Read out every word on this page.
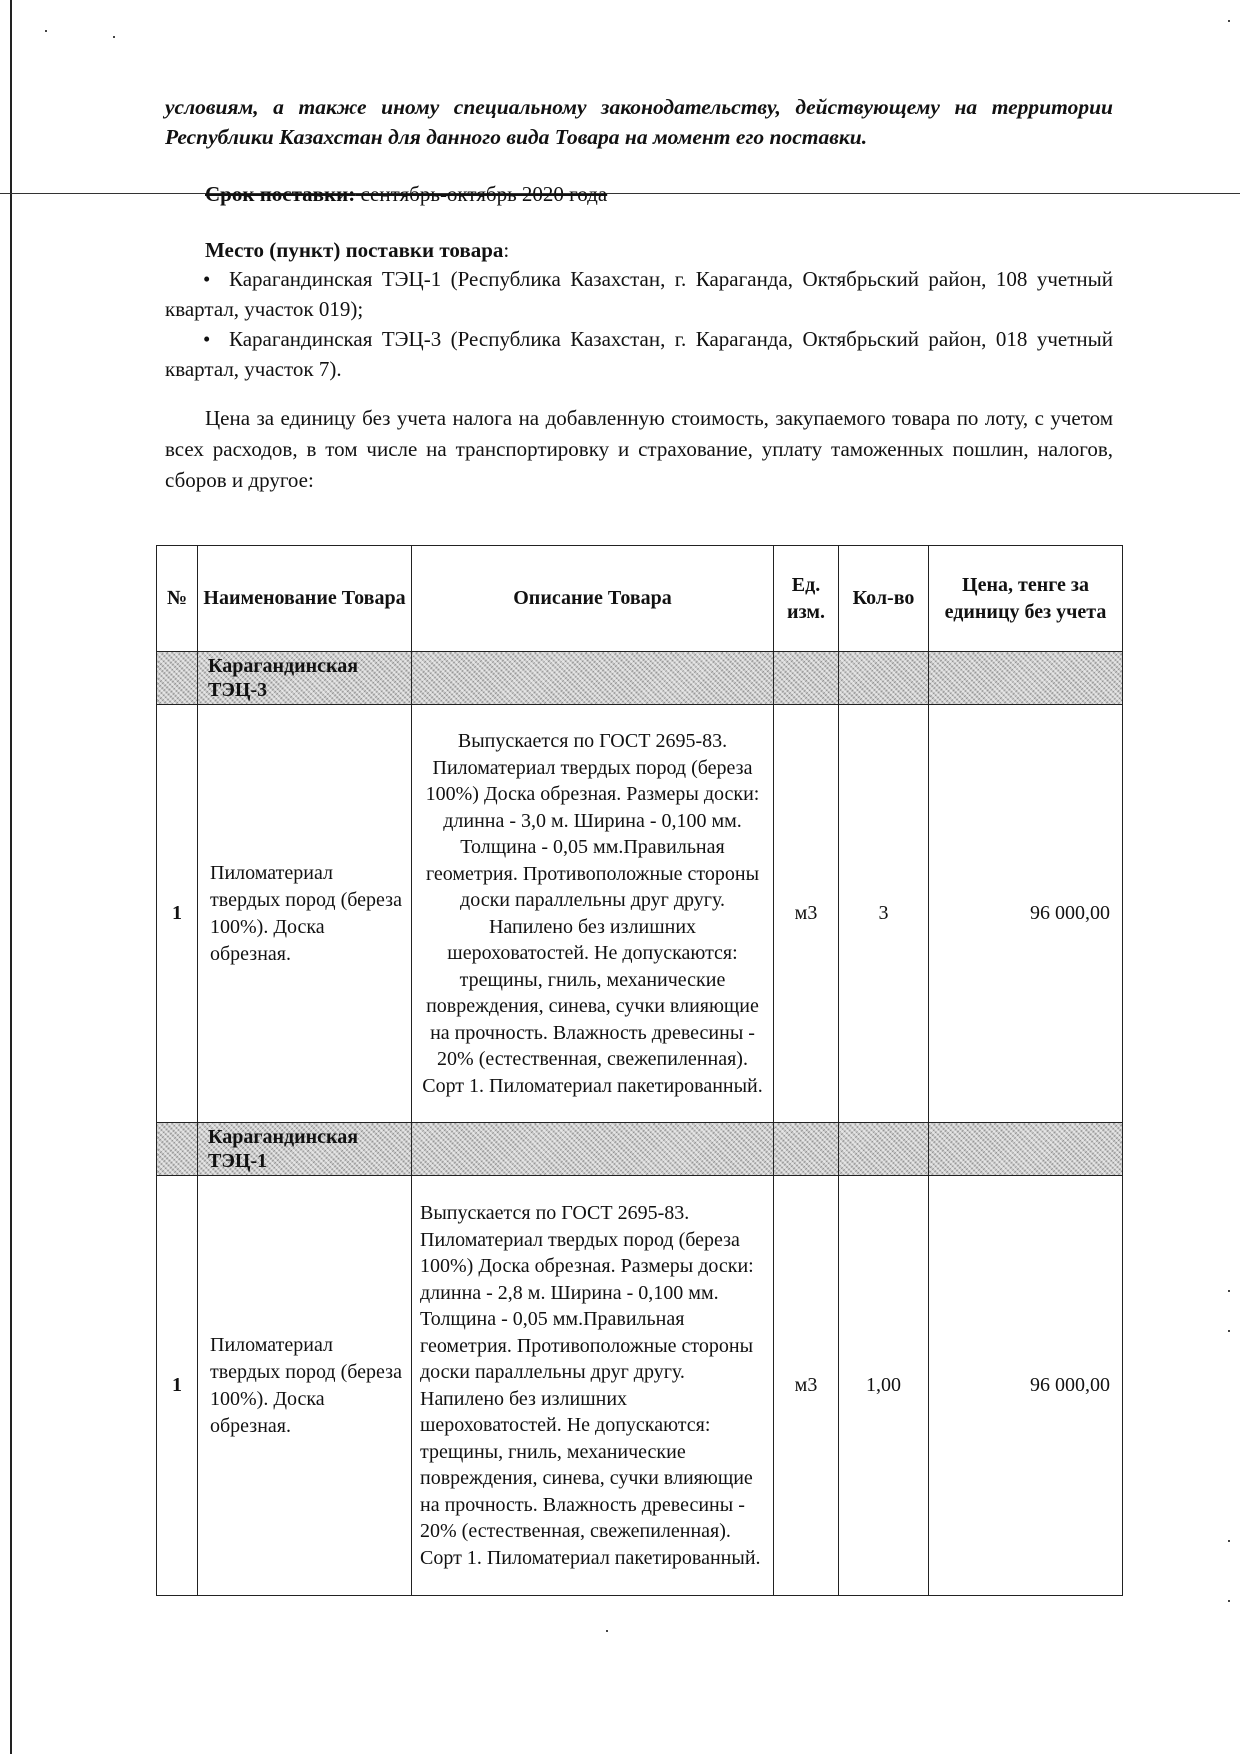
условиям, а также иному специальному законодательству, действующему на территории Республики Казахстан для данного вида Товара на момент его поставки.

Срок поставки: сентябрь-октябрь 2020 года

Место (пункт) поставки товара:

• Карагандинская ТЭЦ-1 (Республика Казахстан, г. Караганда, Октябрьский район, 108 учетный квартал, участок 019);
• Карагандинская ТЭЦ-3 (Республика Казахстан, г. Караганда, Октябрьский район, 018 учетный квартал, участок 7).

Цена за единицу без учета налога на добавленную стоимость, закупаемого товара по лоту, с учетом всех расходов, в том числе на транспортировку и страхование, уплату таможенных пошлин, налогов, сборов и другое:

№	Наименование Товара	Описание Товара	Ед. изм.	Кол-во	Цена, тенге за единицу без учета
	Карагандинская ТЭЦ-3				
1	Пиломатериал твердых пород (береза 100%). Доска обрезная.	Выпускается по ГОСТ 2695-83. Пиломатериал твердых пород (береза 100%) Доска обрезная. Размеры доски: длинна - 3,0 м. Ширина - 0,100 мм. Толщина - 0,05 мм.Правильная геометрия. Противоположные стороны доски параллельны друг другу. Напилено без излишних шероховатостей. Не допускаются: трещины, гниль, механические повреждения, синева, сучки влияющие на прочность. Влажность древесины - 20% (естественная, свежепиленная). Сорт 1. Пиломатериал пакетированный.	м3	3	96 000,00
	Карагандинская ТЭЦ-1				
1	Пиломатериал твердых пород (береза 100%). Доска обрезная.	Выпускается по ГОСТ 2695-83. Пиломатериал твердых пород (береза 100%) Доска обрезная. Размеры доски: длинна - 2,8 м. Ширина - 0,100 мм. Толщина - 0,05 мм.Правильная геометрия. Противоположные стороны доски параллельны друг другу. Напилено без излишних шероховатостей. Не допускаются: трещины, гниль, механические повреждения, синева, сучки влияющие на прочность. Влажность древесины - 20% (естественная, свежепиленная). Сорт 1. Пиломатериал пакетированный.	м3	1,00	96 000,00
